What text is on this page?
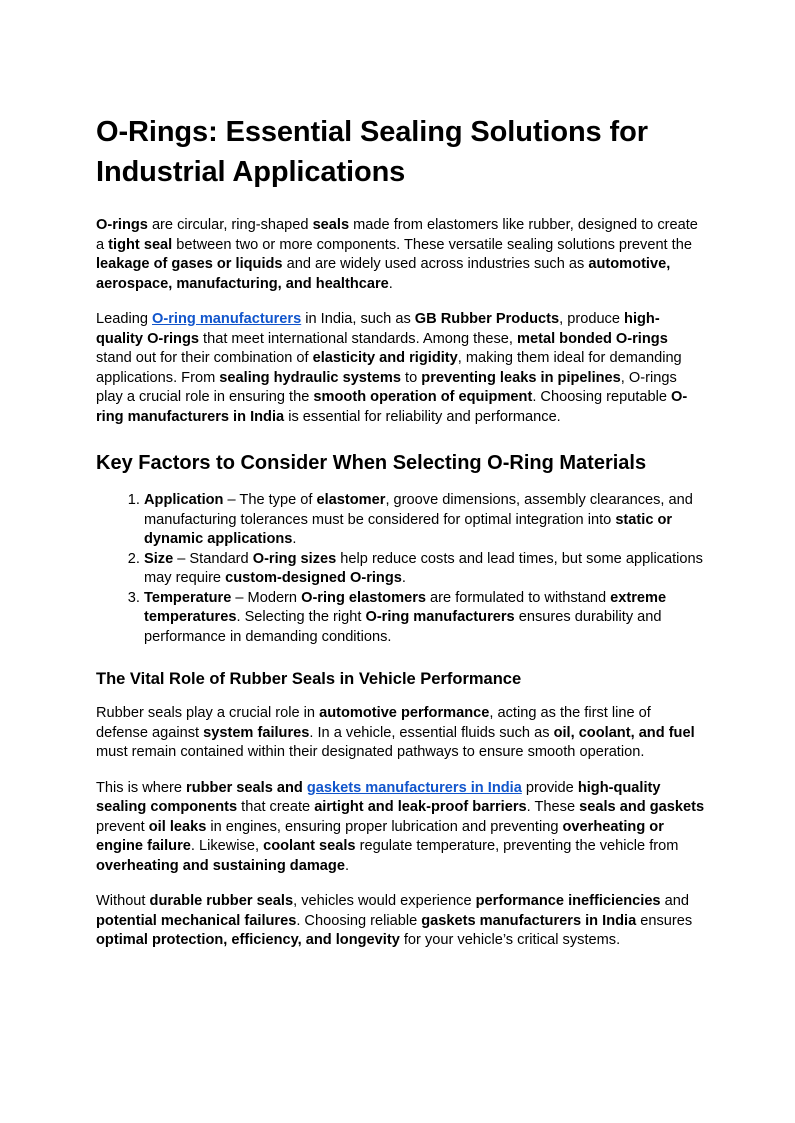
O-Rings: Essential Sealing Solutions for Industrial Applications

O-rings are circular, ring-shaped seals made from elastomers like rubber, designed to create a tight seal between two or more components. These versatile sealing solutions prevent the leakage of gases or liquids and are widely used across industries such as automotive, aerospace, manufacturing, and healthcare.

Leading O-ring manufacturers in India, such as GB Rubber Products, produce high-quality O-rings that meet international standards. Among these, metal bonded O-rings stand out for their combination of elasticity and rigidity, making them ideal for demanding applications. From sealing hydraulic systems to preventing leaks in pipelines, O-rings play a crucial role in ensuring the smooth operation of equipment. Choosing reputable O-ring manufacturers in India is essential for reliability and performance.

Key Factors to Consider When Selecting O-Ring Materials
1. Application – The type of elastomer, groove dimensions, assembly clearances, and manufacturing tolerances must be considered for optimal integration into static or dynamic applications.
2. Size – Standard O-ring sizes help reduce costs and lead times, but some applications may require custom-designed O-rings.
3. Temperature – Modern O-ring elastomers are formulated to withstand extreme temperatures. Selecting the right O-ring manufacturers ensures durability and performance in demanding conditions.
The Vital Role of Rubber Seals in Vehicle Performance

Rubber seals play a crucial role in automotive performance, acting as the first line of defense against system failures. In a vehicle, essential fluids such as oil, coolant, and fuel must remain contained within their designated pathways to ensure smooth operation.

This is where rubber seals and gaskets manufacturers in India provide high-quality sealing components that create airtight and leak-proof barriers. These seals and gaskets prevent oil leaks in engines, ensuring proper lubrication and preventing overheating or engine failure. Likewise, coolant seals regulate temperature, preventing the vehicle from overheating and sustaining damage.

Without durable rubber seals, vehicles would experience performance inefficiencies and potential mechanical failures. Choosing reliable gaskets manufacturers in India ensures optimal protection, efficiency, and longevity for your vehicle’s critical systems.
